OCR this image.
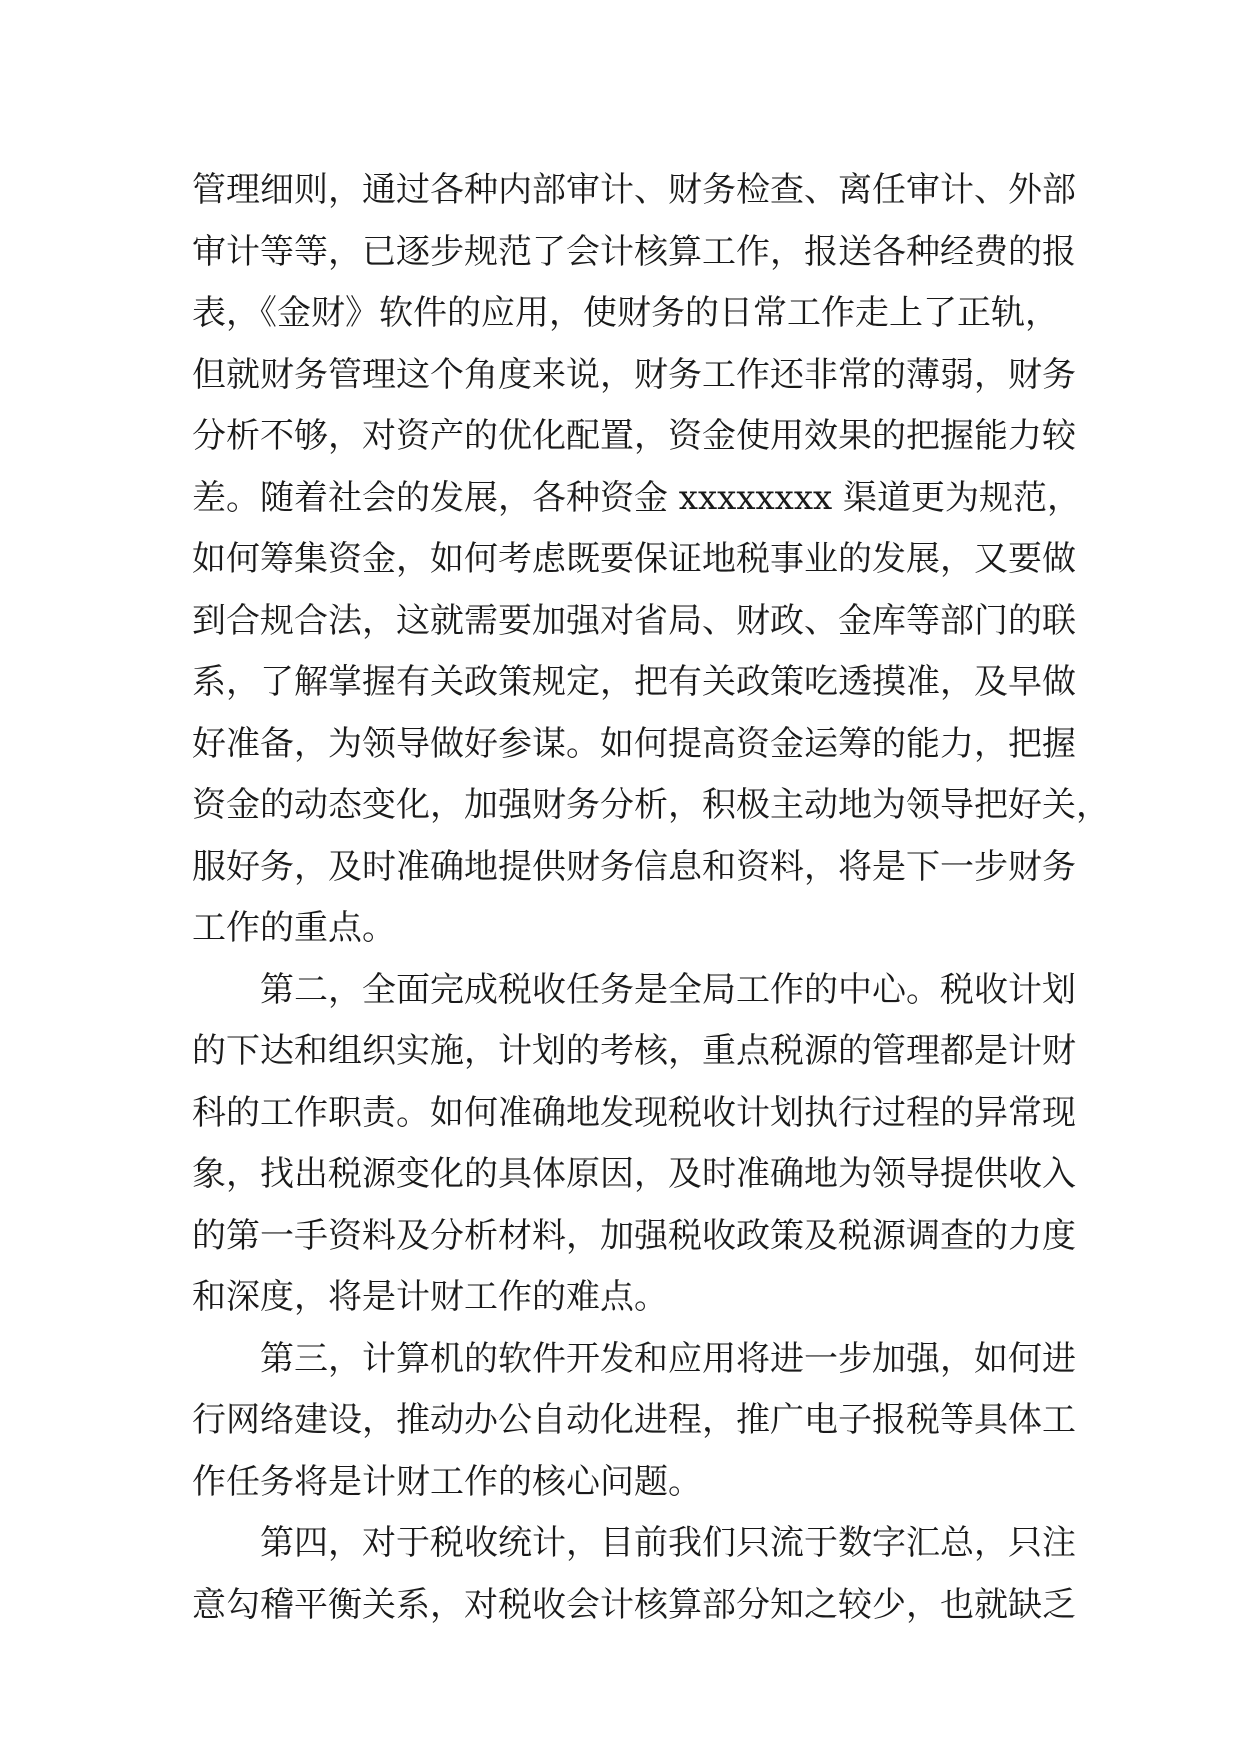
管理细则，通过各种内部审计、财务检查、离任审计、外部
审计等等，已逐步规范了会计核算工作，报送各种经费的报
表，《金财》软件的应用，使财务的日常工作走上了正轨，
但就财务管理这个角度来说，财务工作还非常的薄弱，财务
分析不够，对资产的优化配置，资金使用效果的把握能力较
差。随着社会的发展，各种资金 xxxxxxxx 渠道更为规范，
如何筹集资金，如何考虑既要保证地税事业的发展，又要做
到合规合法，这就需要加强对省局、财政、金库等部门的联
系，了解掌握有关政策规定，把有关政策吃透摸准，及早做
好准备，为领导做好参谋。如何提高资金运筹的能力，把握
资金的动态变化，加强财务分析，积极主动地为领导把好关，
服好务，及时准确地提供财务信息和资料，将是下一步财务
工作的重点。
第二，全面完成税收任务是全局工作的中心。税收计划
的下达和组织实施，计划的考核，重点税源的管理都是计财
科的工作职责。如何准确地发现税收计划执行过程的异常现
象，找出税源变化的具体原因，及时准确地为领导提供收入
的第一手资料及分析材料，加强税收政策及税源调查的力度
和深度，将是计财工作的难点。
第三，计算机的软件开发和应用将进一步加强，如何进
行网络建设，推动办公自动化进程，推广电子报税等具体工
作任务将是计财工作的核心问题。
第四，对于税收统计，目前我们只流于数字汇总，只注
意勾稽平衡关系，对税收会计核算部分知之较少，也就缺乏
